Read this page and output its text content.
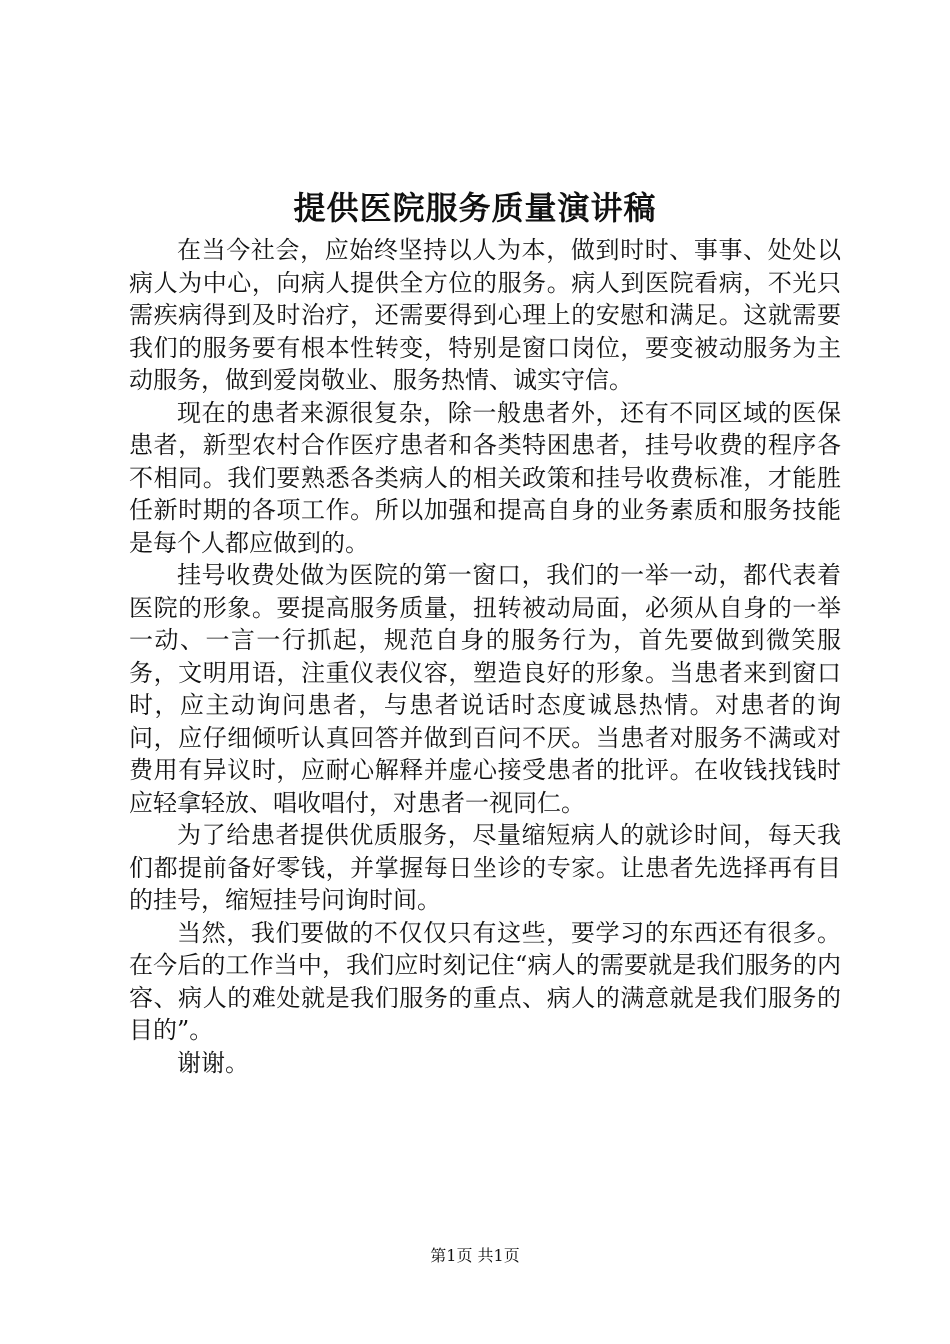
提供医院服务质量演讲稿

在当今社会，应始终坚持以人为本，做到时时、事事、处处以病人为中心，向病人提供全方位的服务。病人到医院看病，不光只需疾病得到及时治疗，还需要得到心理上的安慰和满足。这就需要我们的服务要有根本性转变，特别是窗口岗位，要变被动服务为主动服务，做到爱岗敬业、服务热情、诚实守信。

现在的患者来源很复杂，除一般患者外，还有不同区域的医保患者，新型农村合作医疗患者和各类特困患者，挂号收费的程序各不相同。我们要熟悉各类病人的相关政策和挂号收费标准，才能胜任新时期的各项工作。所以加强和提高自身的业务素质和服务技能是每个人都应做到的。

挂号收费处做为医院的第一窗口，我们的一举一动，都代表着医院的形象。要提高服务质量，扭转被动局面，必须从自身的一举一动、一言一行抓起，规范自身的服务行为，首先要做到微笑服务，文明用语，注重仪表仪容，塑造良好的形象。当患者来到窗口时，应主动询问患者，与患者说话时态度诚恳热情。对患者的询问，应仔细倾听认真回答并做到百问不厌。当患者对服务不满或对费用有异议时，应耐心解释并虚心接受患者的批评。在收钱找钱时应轻拿轻放、唱收唱付，对患者一视同仁。

为了给患者提供优质服务，尽量缩短病人的就诊时间，每天我们都提前备好零钱，并掌握每日坐诊的专家。让患者先选择再有目的挂号，缩短挂号问询时间。

当然，我们要做的不仅仅只有这些，要学习的东西还有很多。在今后的工作当中，我们应时刻记住“病人的需要就是我们服务的内容、病人的难处就是我们服务的重点、病人的满意就是我们服务的目的”。

谢谢。

第1页 共1页
